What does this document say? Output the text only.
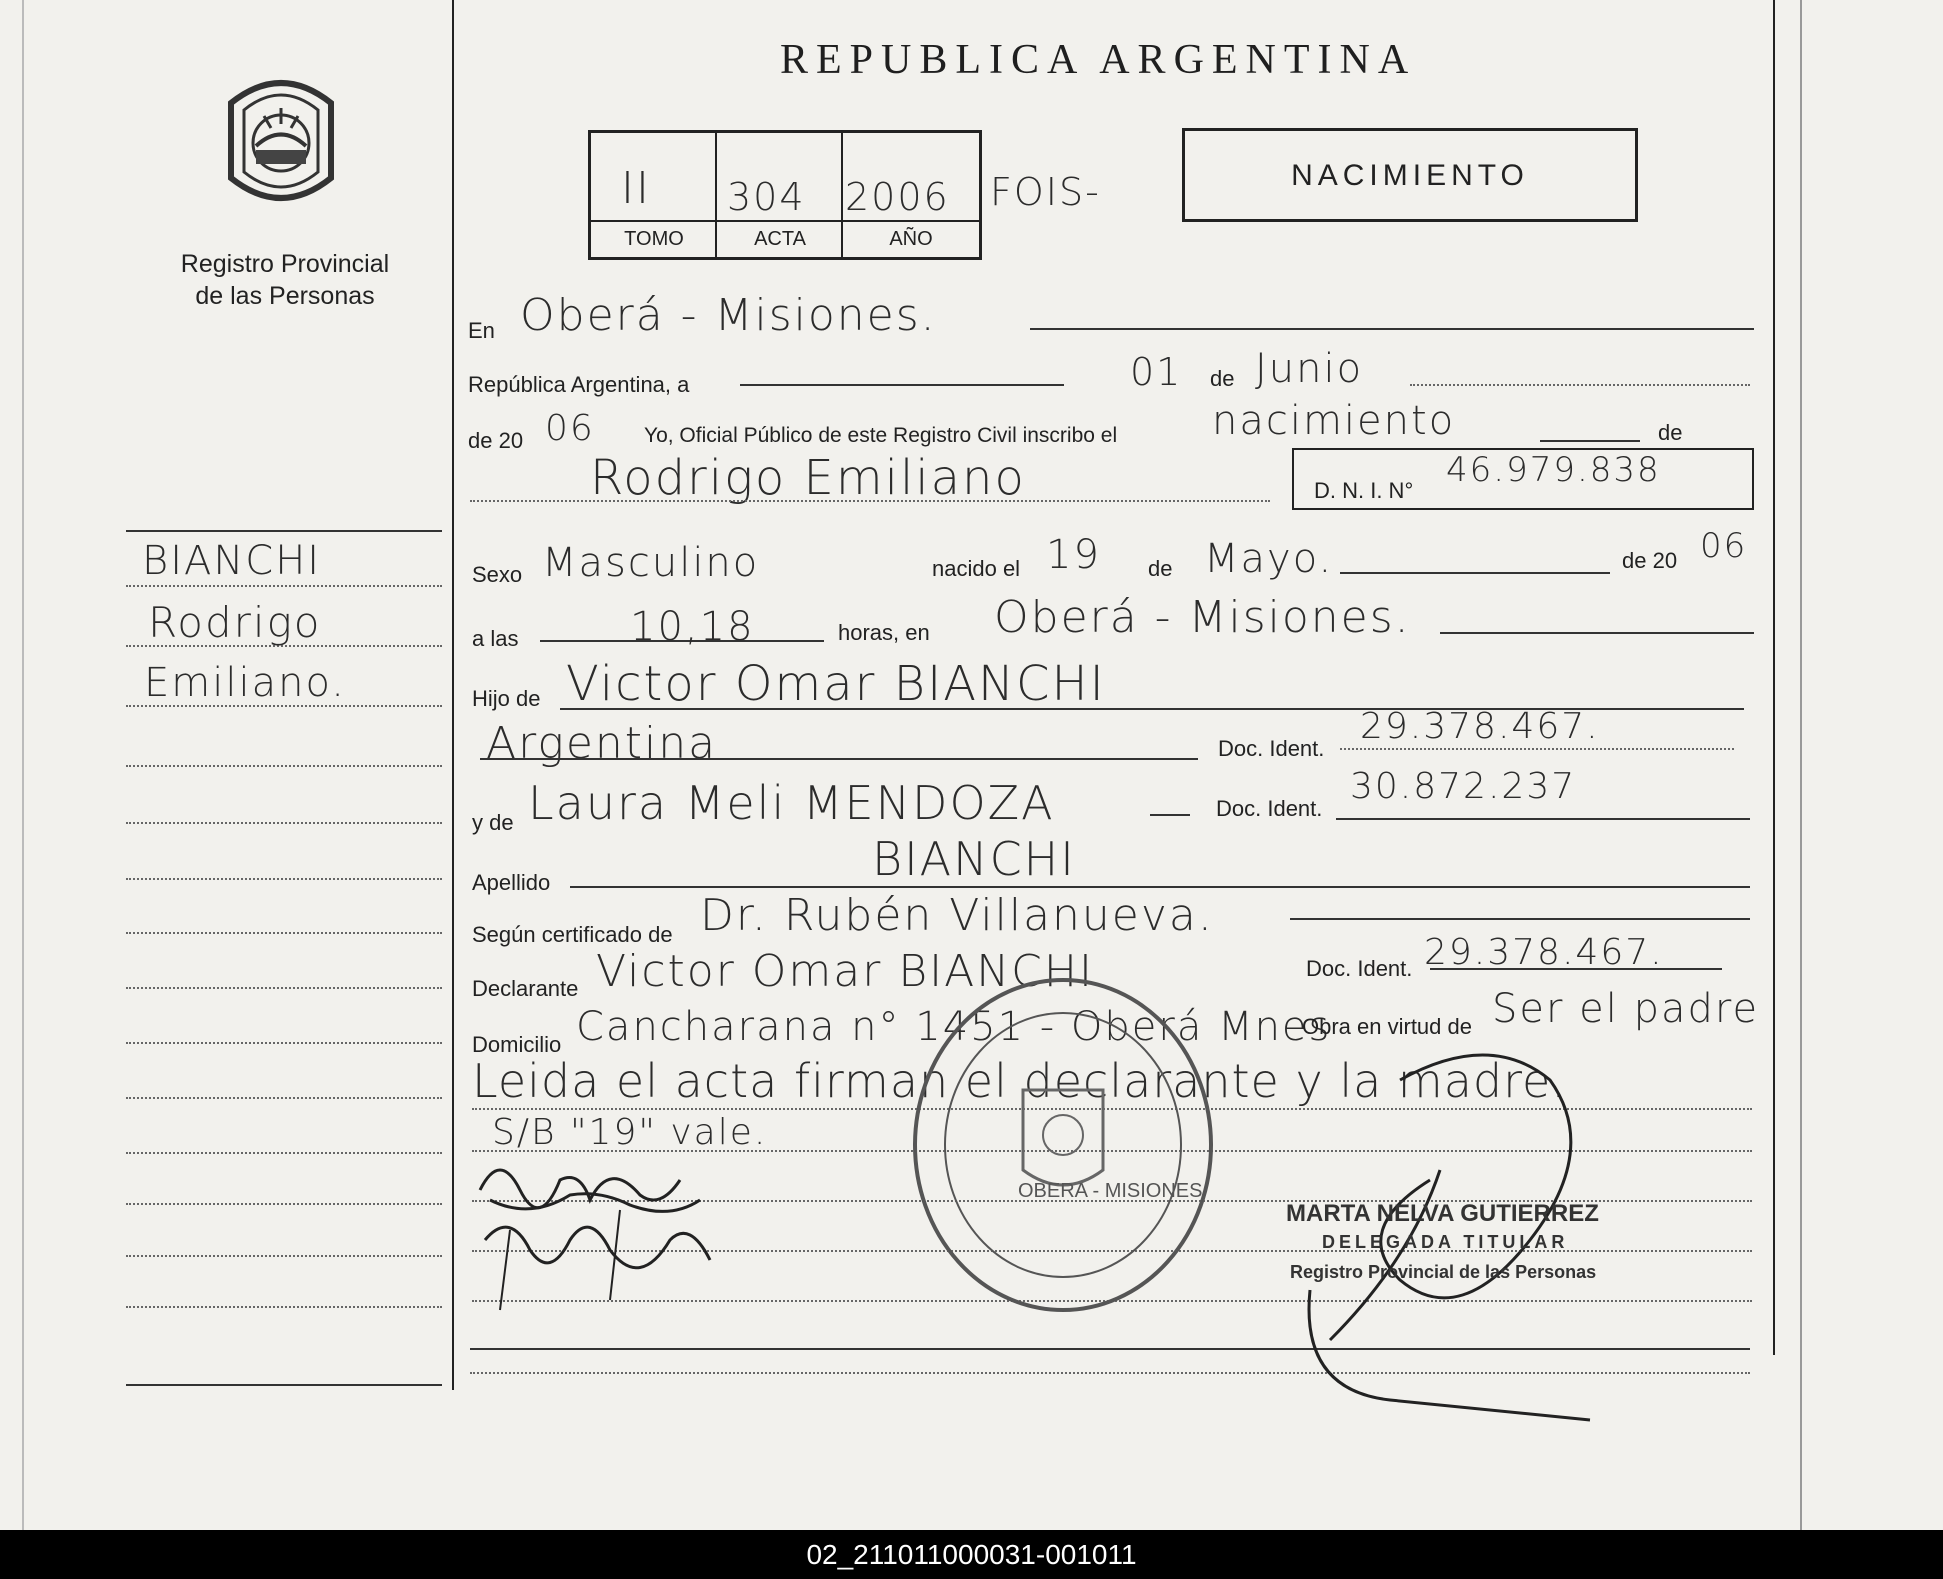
Registro Provincial
de las Personas
REPUBLICA ARGENTINA
II 304 2006
TOMO	ACTA	AÑO
FOIS-	NACIMIENTO
BIANCHI
Rodrigo
Emiliano.
En Oberá - Misiones.
República Argentina, a	01 de Junio
de 20 06 Yo, Oficial Público de este Registro Civil inscribo el nacimiento	de
Rodrigo Emiliano	D. N. I. N°
46.979.838
Sexo Masculino	nacido el 19 de Mayo.	de 20 06
a las	10,18	horas, en Oberá - Misiones.
Hijo de Victor Omar BIANCHI
Argentina	Doc. Ident.
29.378.467.
y de Laura Meli MENDOZA	Doc. Ident.
30.872.237
Apellido	BIANCHI
Según certificado de Dr. Rubén Villanueva.
Declarante Victor Omar BIANCHI	Doc. Ident. 29.378.467.
Domicilio Cancharana n° 1451 - Oberá Mnes
Obra en virtud de Ser el padre
Leida el acta firman el declarante y la madre.
S/B "19" vale.
OBERA - MISIONES
MARTA NELVA GUTIERREZ
DELEGADA TITULAR
Registro Provincial de las Personas
02_211011000031-001011
